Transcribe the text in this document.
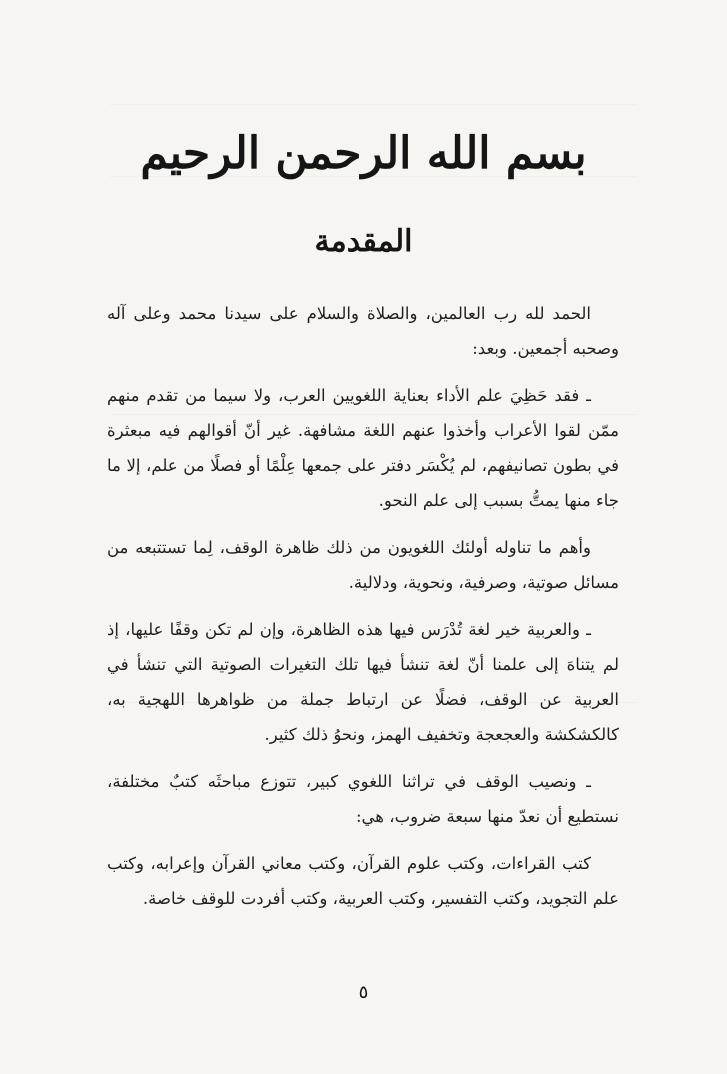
بسم الله الرحمن الرحيم
المقدمة

الحمد لله رب العالمين، والصلاة والسلام على سيدنا محمد وعلى آله وصحبه أجمعين. وبعد:

ـ فقد حَظِيَ علم الأداء بعناية اللغويين العرب، ولا سيما من تقدم منهم ممّن لقوا الأعراب وأخذوا عنهم اللغة مشافهة. غير أنّ أقوالهم فيه مبعثرة في بطون تصانيفهم، لم يُكْسَر دفتر على جمعها عِلْمًا أو فصلًا من علم، إلا ما جاء منها يمتُّ بسبب إلى علم النحو.

وأهم ما تناوله أولئك اللغويون من ذلك ظاهرة الوقف، لِما تستتبعه من مسائل صوتية، وصرفية، ونحوية، ودلالية.

ـ والعربية خير لغة تُدْرَس فيها هذه الظاهرة، وإن لم تكن وقفًا عليها، إذ لم يتناهَ إلى علمنا أنّ لغة تنشأ فيها تلك التغيرات الصوتية التي تنشأ في العربية عن الوقف، فضلًا عن ارتباط جملة من ظواهرها اللهجية به، كالكشكشة والعجعجة وتخفيف الهمز، ونحوُ ذلك كثير.

ـ ونصيب الوقف في تراثنا اللغوي كبير، تتوزع مباحثَه كتبٌ مختلفة، نستطيع أن نعدّ منها سبعة ضروب، هي:

كتب القراءات، وكتب علوم القرآن، وكتب معاني القرآن وإعرابه، وكتب علم التجويد، وكتب التفسير، وكتب العربية، وكتب أفردت للوقف خاصة.

٥
